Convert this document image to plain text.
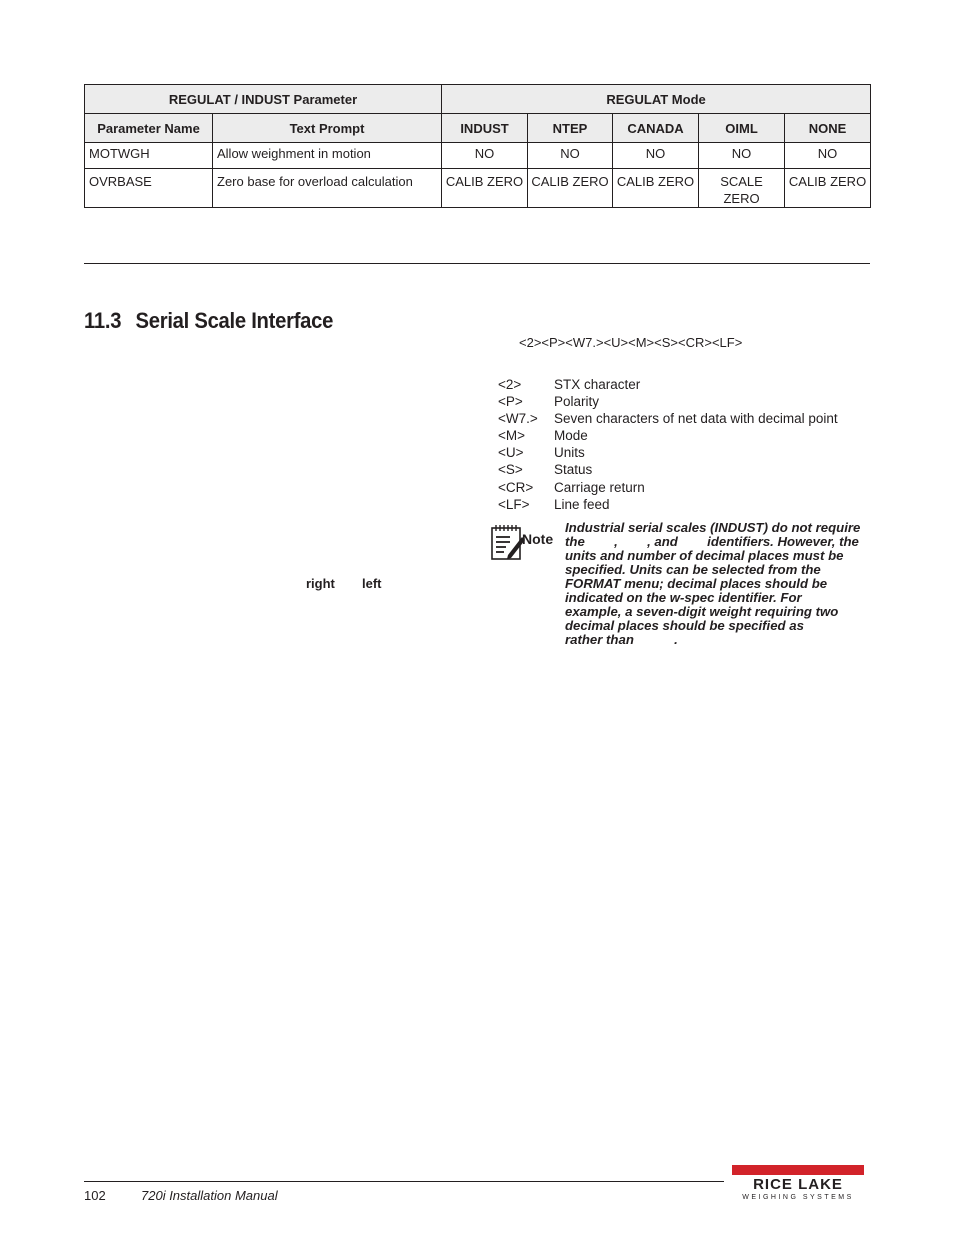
REGULAT / INDUST Parameter		REGULAT Mode				
Parameter Name	Text Prompt	INDUST	NTEP	CANADA	OIML	NONE
MOTWGH	Allow weighment in motion	NO	NO	NO	NO	NO
OVRBASE	Zero base for overload calculation	CALIB ZERO	CALIB ZERO	CALIB ZERO	SCALE ZERO	CALIB ZERO
11.3 Serial Scale Interface
<2><P><W7.><U><M><S><CR><LF>
<2> STX character
<P> Polarity
<W7.> Seven characters of net data with decimal point
<M> Mode
<U> Units
<S> Status
<CR> Carriage return
<LF> Line feed
right left
Note

Industrial serial scales (INDUST) do not require
the        ,        , and        identifiers. However, the
units and number of decimal places must be
specified. Units can be selected from the
FORMAT menu; decimal places should be
indicated on the w-spec identifier. For
example, a seven-digit weight requiring two
decimal places should be specified as
rather than           .

102	720i Installation Manual
RICE LAKE
WEIGHING SYSTEMS
